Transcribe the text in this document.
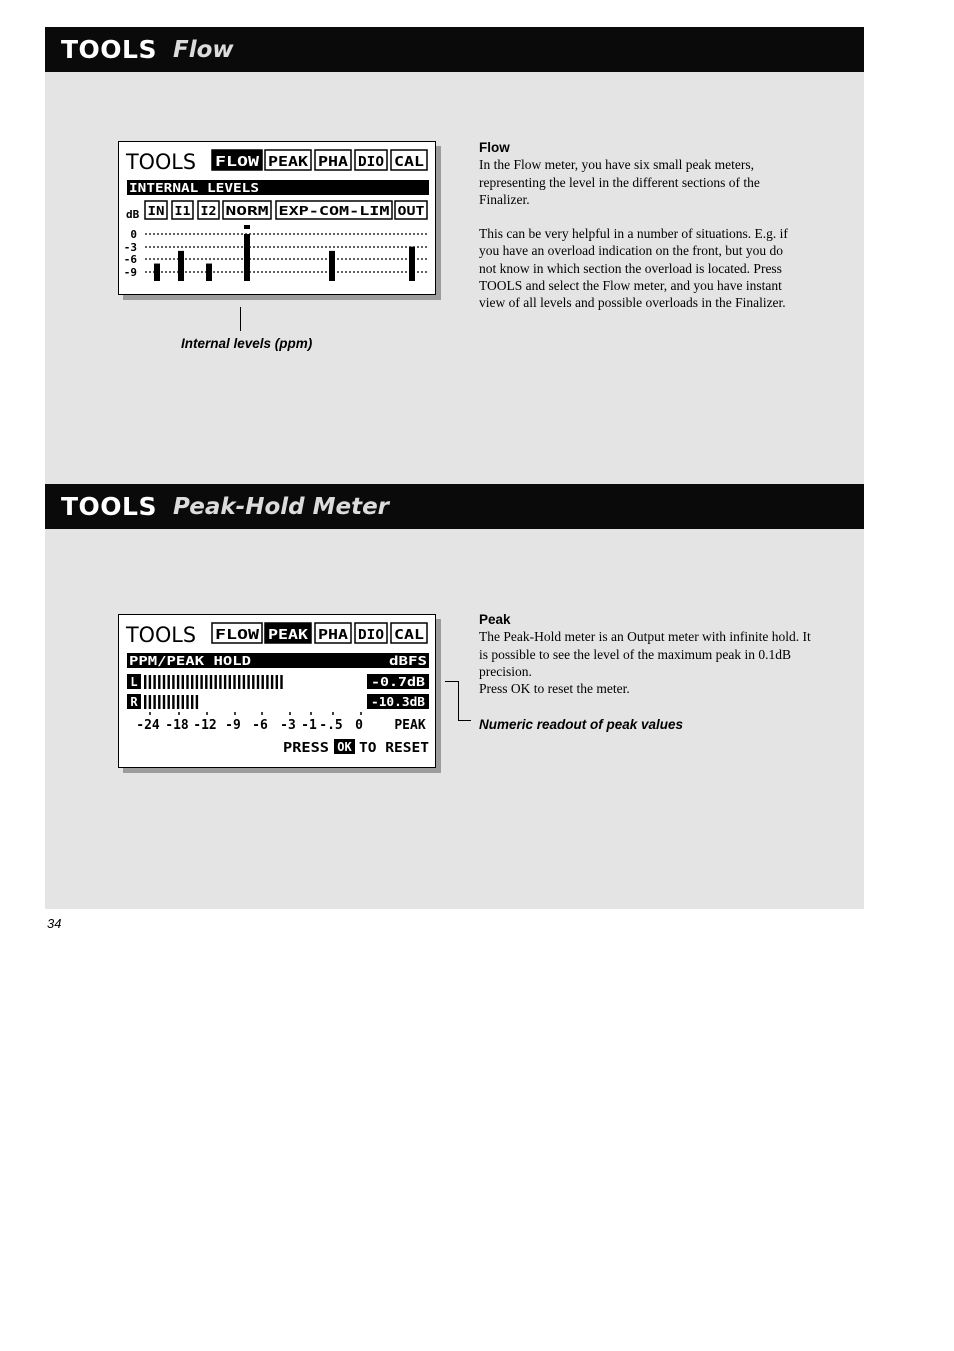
TOOLS Flow
TOOLS FLOW PEAK PHA DIO CAL
INTERNAL LEVELS
dB IN I1 I2 NORM EXP-COM-LIM OUT
0
-3
-6
-9
Internal levels (ppm)
Flow

In the Flow meter, you have six small peak meters, representing the level in the different sections of the Finalizer.

This can be very helpful in a number of situations. E.g. if you have an overload indication on the front, but you do not know in which section the overload is located. Press TOOLS and select the Flow meter, and you have instant view of all levels and possible overloads in the Finalizer.

TOOLS Peak-Hold Meter
TOOLS FLOW PEAK PHA DIO CAL
PPM/PEAK HOLD	dBFS
L	-0.7dB
R	-10.3dB
-24 -18 -12 -9 -6 -3 -1 -.5 0 PEAK
PRESS OK TO RESET
Numeric readout of peak values
Peak

The Peak-Hold meter is an Output meter with infinite hold. It is possible to see the level of the maximum peak in 0.1dB precision.

Press OK to reset the meter.

34
